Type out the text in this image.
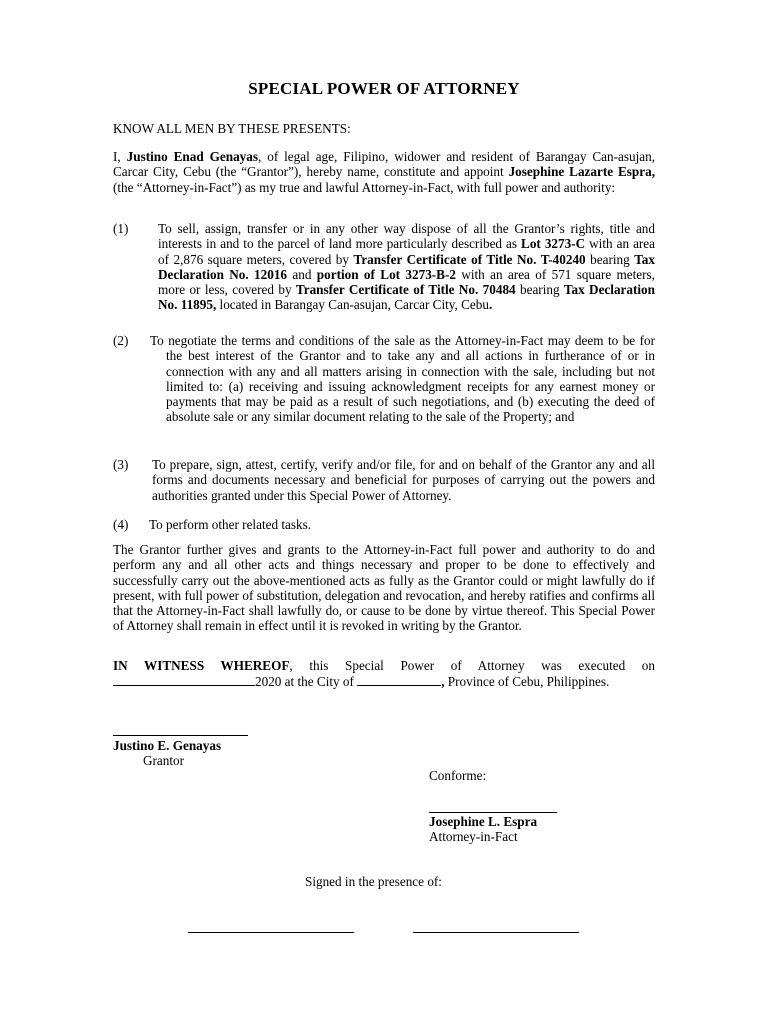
SPECIAL POWER OF ATTORNEY
KNOW ALL MEN BY THESE PRESENTS:
I, Justino Enad Genayas, of legal age, Filipino, widower and resident of Barangay Can-asujan, Carcar City, Cebu (the “Grantor”), hereby name, constitute and appoint Josephine Lazarte Espra, (the “Attorney-in-Fact”) as my true and lawful Attorney-in-Fact, with full power and authority:
(1) To sell, assign, transfer or in any other way dispose of all the Grantor’s rights, title and interests in and to the parcel of land more particularly described as Lot 3273-C with an area of 2,876 square meters, covered by Transfer Certificate of Title No. T-40240 bearing Tax Declaration No. 12016 and portion of Lot 3273-B-2 with an area of 571 square meters, more or less, covered by Transfer Certificate of Title No. 70484 bearing Tax Declaration No. 11895, located in Barangay Can-asujan, Carcar City, Cebu.
(2) To negotiate the terms and conditions of the sale as the Attorney-in-Fact may deem to be for the best interest of the Grantor and to take any and all actions in furtherance of or in connection with any and all matters arising in connection with the sale, including but not limited to: (a) receiving and issuing acknowledgment receipts for any earnest money or payments that may be paid as a result of such negotiations, and (b) executing the deed of absolute sale or any similar document relating to the sale of the Property; and
(3) To prepare, sign, attest, certify, verify and/or file, for and on behalf of the Grantor any and all forms and documents necessary and beneficial for purposes of carrying out the powers and authorities granted under this Special Power of Attorney.
(4) To perform other related tasks.
The Grantor further gives and grants to the Attorney-in-Fact full power and authority to do and perform any and all other acts and things necessary and proper to be done to effectively and successfully carry out the above-mentioned acts as fully as the Grantor could or might lawfully do if present, with full power of substitution, delegation and revocation, and hereby ratifies and confirms all that the Attorney-in-Fact shall lawfully do, or cause to be done by virtue thereof. This Special Power of Attorney shall remain in effect until it is revoked in writing by the Grantor.
IN WITNESS WHEREOF, this Special Power of Attorney was executed on
2020 at the City of	, Province of Cebu, Philippines.
Justino E. Genayas
Grantor
Conforme:
Josephine L. Espra
Attorney-in-Fact
Signed in the presence of:
